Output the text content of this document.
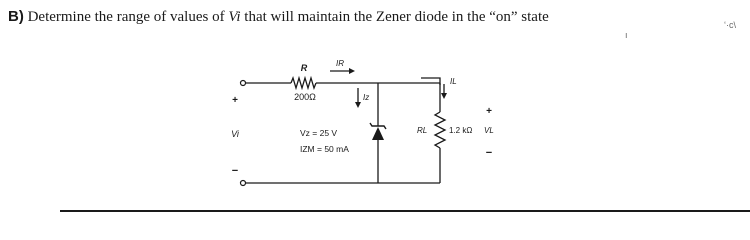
B) Determine the range of values of Vi that will maintain the Zener diode in the “on” state	‘·c\
ı
R
200Ω
IR
Iz
IL
Vz = 25 V
IZM = 50 mA
RL	1.2 kΩ VL
+
−
+
Vi
−
